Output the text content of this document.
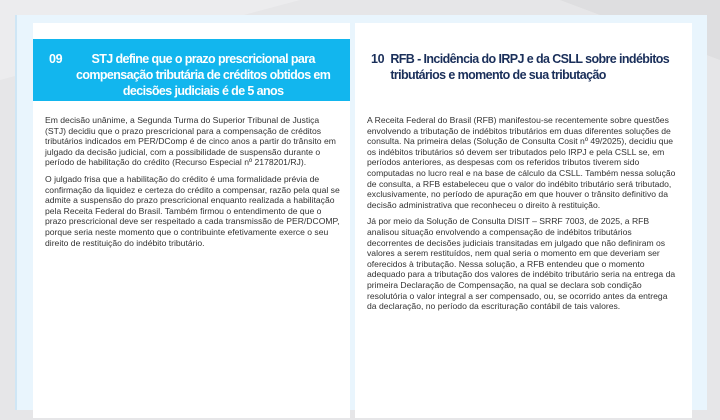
09	STJ define que o prazo prescricional para compensação tributária de créditos obtidos em decisões judiciais é de 5 anos

Em decisão unânime, a Segunda Turma do Superior Tribunal de Justiça (STJ) decidiu que o prazo prescricional para a compensação de créditos tributários indicados em PER/DComp é de cinco anos a partir do trânsito em julgado da decisão judicial, com a possibilidade de suspensão durante o período de habilitação do crédito (Recurso Especial nº 2178201/RJ).

O julgado frisa que a habilitação do crédito é uma formalidade prévia de confirmação da liquidez e certeza do crédito a compensar, razão pela qual se admite a suspensão do prazo prescricional enquanto realizada a habilitação pela Receita Federal do Brasil. Também firmou o entendimento de que o prazo prescricional deve ser respeitado a cada transmissão de PER/DCOMP, porque seria neste momento que o contribuinte efetivamente exerce o seu direito de restituição do indébito tributário.

10 RFB - Incidência do IRPJ e da CSLL sobre indébitos tributários e momento de sua tributação

A Receita Federal do Brasil (RFB) manifestou-se recentemente sobre questões envolvendo a tributação de indébitos tributários em duas diferentes soluções de consulta. Na primeira delas (Solução de Consulta Cosit nº 49/2025), decidiu que os indébitos tributários só devem ser tributados pelo IRPJ e pela CSLL se, em períodos anteriores, as despesas com os referidos tributos tiverem sido computadas no lucro real e na base de cálculo da CSLL. Também nessa solução de consulta, a RFB estabeleceu que o valor do indébito tributário será tributado, exclusivamente, no período de apuração em que houver o trânsito definitivo da decisão administrativa que reconheceu o direito à restituição.

Já por meio da Solução de Consulta DISIT – SRRF 7003, de 2025, a RFB analisou situação envolvendo a compensação de indébitos tributários decorrentes de decisões judiciais transitadas em julgado que não definiram os valores a serem restituídos, nem qual seria o momento em que deveriam ser oferecidos à tributação. Nessa solução, a RFB entendeu que o momento adequado para a tributação dos valores de indébito tributário seria na entrega da primeira Declaração de Compensação, na qual se declara sob condição resolutória o valor integral a ser compensado, ou, se ocorrido antes da entrega da declaração, no período da escrituração contábil de tais valores.
